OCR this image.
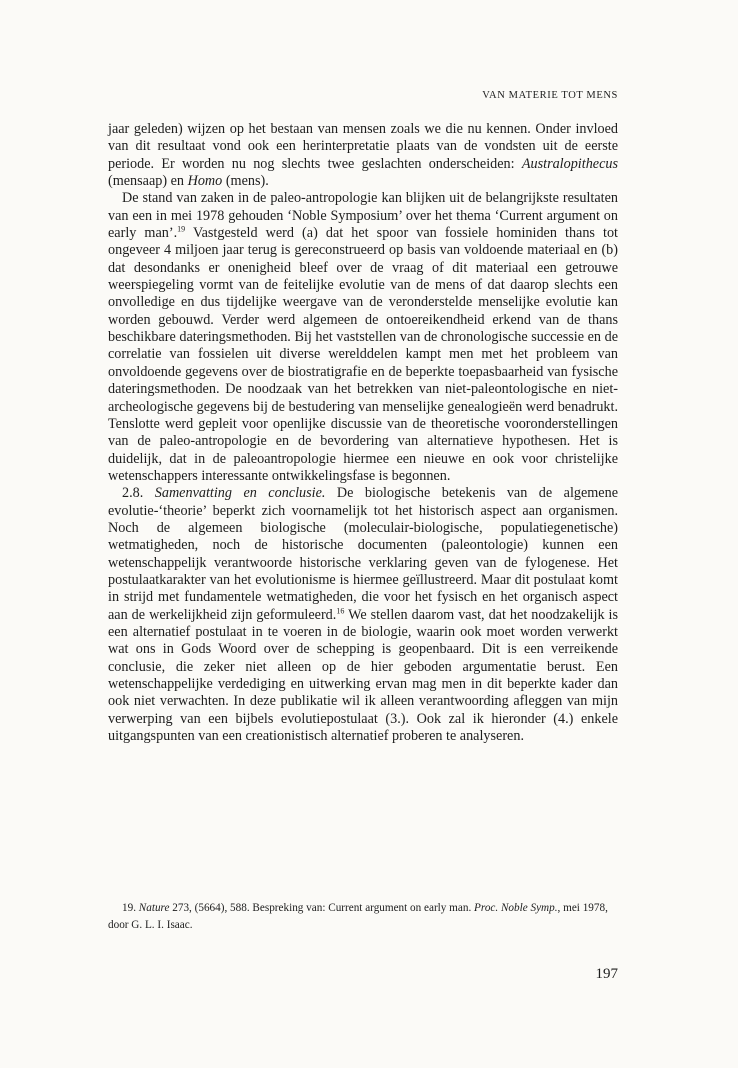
VAN MATERIE TOT MENS

jaar geleden) wijzen op het bestaan van mensen zoals we die nu kennen. Onder invloed van dit resultaat vond ook een herinterpretatie plaats van de vondsten uit de eerste periode. Er worden nu nog slechts twee geslachten onderscheiden: Australopithecus (mensaap) en Homo (mens).

De stand van zaken in de paleo-antropologie kan blijken uit de belangrijkste resultaten van een in mei 1978 gehouden ‘Noble Symposium’ over het thema ‘Current argument on early man’.$^{19}$ Vastgesteld werd (a) dat het spoor van fossiele hominiden thans tot ongeveer 4 miljoen jaar terug is gereconstrueerd op basis van voldoende materiaal en (b) dat desondanks er onenigheid bleef over de vraag of dit materiaal een getrouwe weerspiegeling vormt van de feitelijke evolutie van de mens of dat daarop slechts een onvolledige en dus tijdelijke weergave van de veronderstelde menselijke evolutie kan worden gebouwd. Verder werd algemeen de ontoereikendheid erkend van de thans beschikbare dateringsmethoden. Bij het vaststellen van de chronologische successie en de correlatie van fossielen uit diverse werelddelen kampt men met het probleem van onvoldoende gegevens over de biostratigrafie en de beperkte toepasbaarheid van fysische dateringsmethoden. De noodzaak van het betrekken van niet-paleontologische en niet-archeologische gegevens bij de bestudering van menselijke genealogieën werd benadrukt. Tenslotte werd gepleit voor openlijke discussie van de theoretische vooronderstellingen van de paleo-antropologie en de bevordering van alternatieve hypothesen. Het is duidelijk, dat in de paleoantropologie hiermee een nieuwe en ook voor christelijke wetenschappers interessante ontwikkelingsfase is begonnen.

2.8. Samenvatting en conclusie. De biologische betekenis van de algemene evolutie-‘theorie’ beperkt zich voornamelijk tot het historisch aspect aan organismen. Noch de algemeen biologische (moleculair-biologische, populatiegenetische) wetmatigheden, noch de historische documenten (paleontologie) kunnen een wetenschappelijk verantwoorde historische verklaring geven van de fylogenese. Het postulaatkarakter van het evolutionisme is hiermee geïllustreerd. Maar dit postulaat komt in strijd met fundamentele wetmatigheden, die voor het fysisch en het organisch aspect aan de werkelijkheid zijn geformuleerd.$^{16}$ We stellen daarom vast, dat het noodzakelijk is een alternatief postulaat in te voeren in de biologie, waarin ook moet worden verwerkt wat ons in Gods Woord over de schepping is geopenbaard. Dit is een verreikende conclusie, die zeker niet alleen op de hier geboden argumentatie berust. Een wetenschappelijke verdediging en uitwerking ervan mag men in dit beperkte kader dan ook niet verwachten. In deze publikatie wil ik alleen verantwoording afleggen van mijn verwerping van een bijbels evolutiepostulaat (3.). Ook zal ik hieronder (4.) enkele uitgangspunten van een creationistisch alternatief proberen te analyseren.

19. Nature 273, (5664), 588. Bespreking van: Current argument on early man. Proc. Noble Symp., mei 1978, door G. L. I. Isaac.
197
